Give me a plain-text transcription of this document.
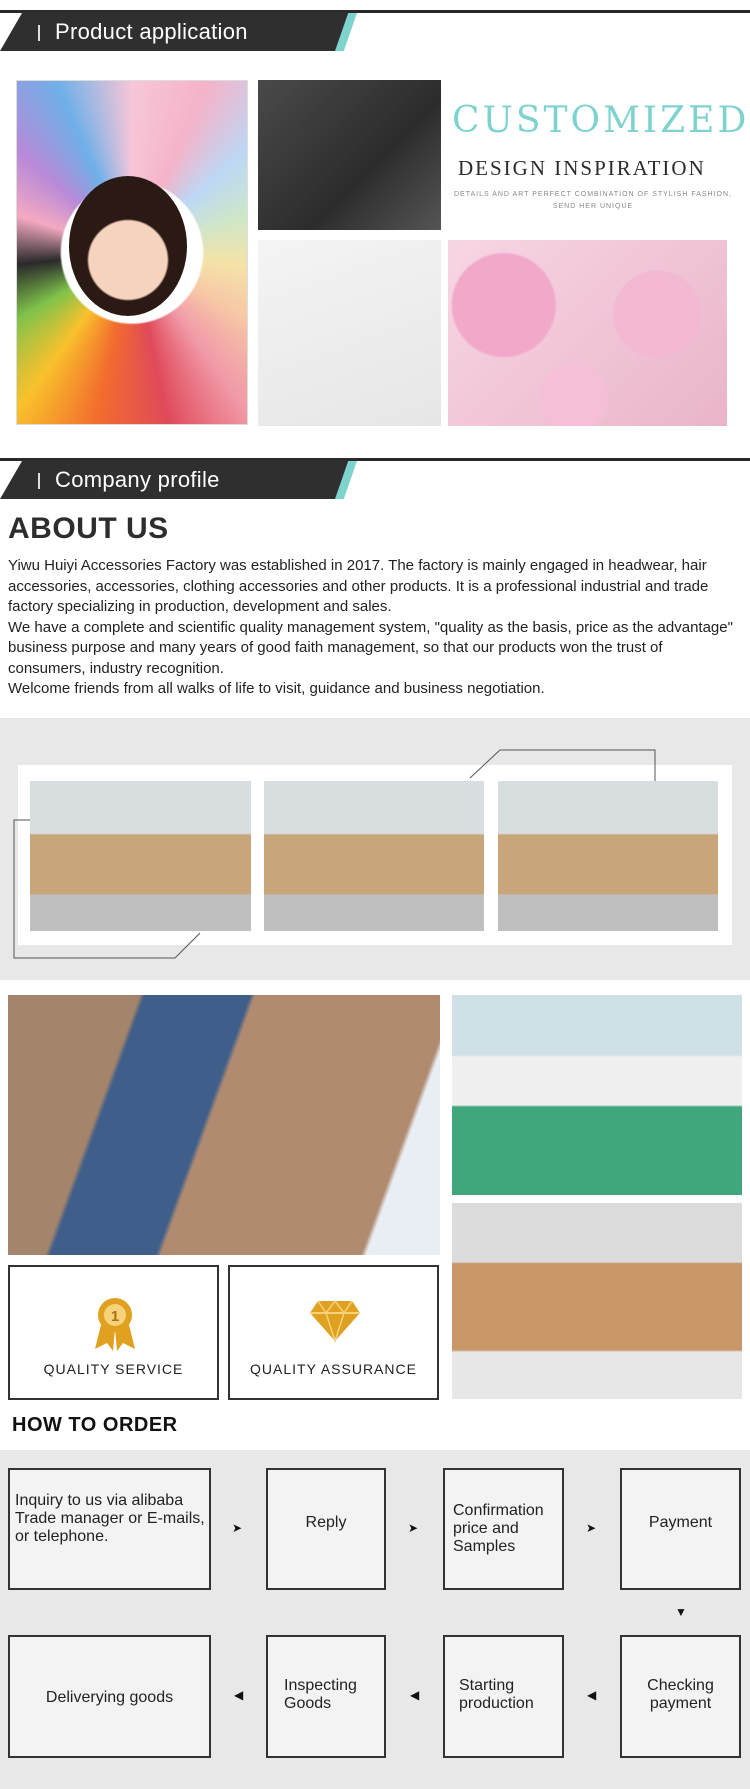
Product application
CUSTOMIZED
DESIGN INSPIRATION
DETAILS AND ART PERFECT COMBINATION OF STYLISH FASHION,
SEND HER UNIQUE
Company profile
ABOUT US
Yiwu Huiyi Accessories Factory was established in 2017. The factory is mainly engaged in headwear, hair accessories, accessories, clothing accessories and other products. It is a professional industrial and trade factory specializing in production, development and sales.
We have a complete and scientific quality management system, "quality as the basis, price as the advantage" business purpose and many years of good faith management, so that our products won the trust of consumers, industry recognition.
Welcome friends from all walks of life to visit, guidance and business negotiation.
1
QUALITY SERVICE	QUALITY ASSURANCE
HOW TO ORDER
Inquiry to us via alibaba Trade manager or E-mails, or telephone.	➤	Reply	➤
Confirmation price and Samples
➤	Payment
▼
Deliverying goods	◀
Inspecting Goods	◀
Starting production	◀
Checking payment
